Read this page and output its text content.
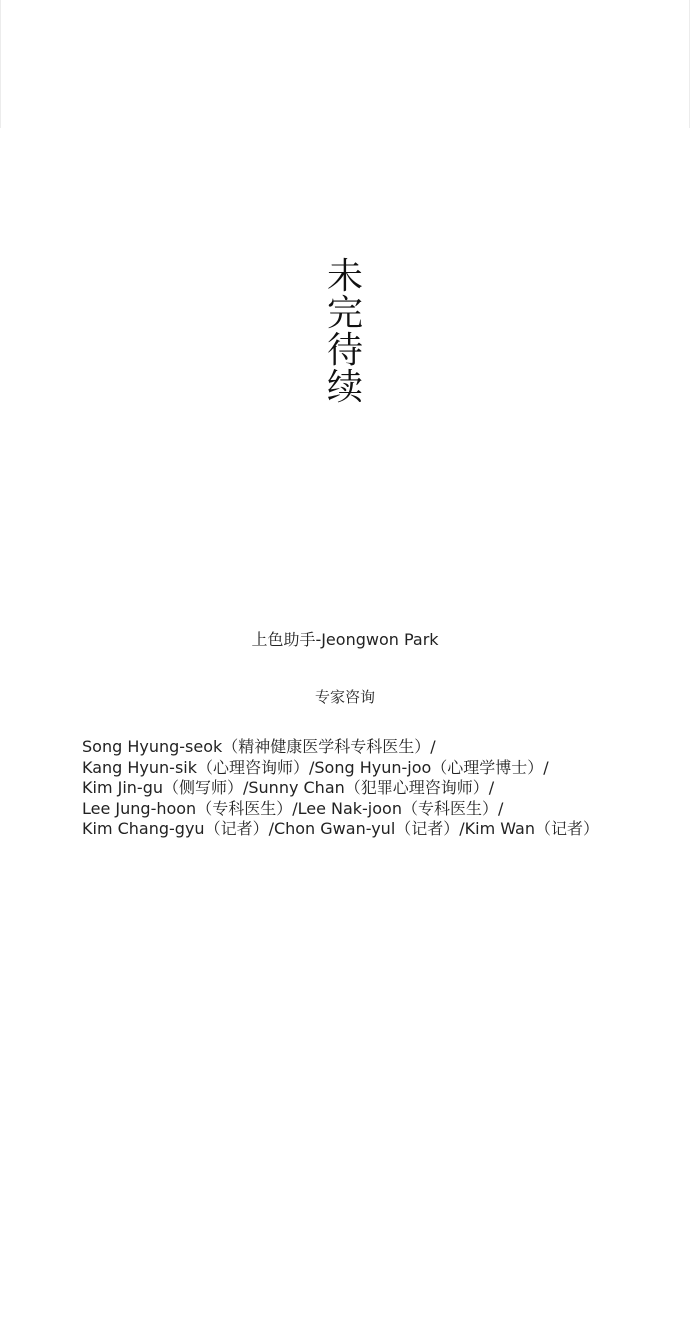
未
完
待
续
上色助手-Jeongwon Park
专家咨询
Song Hyung-seok（精神健康医学科专科医生）/
Kang Hyun-sik（心理咨询师）/Song Hyun-joo（心理学博士）/
Kim Jin-gu（侧写师）/Sunny Chan（犯罪心理咨询师）/
Lee Jung-hoon（专科医生）/Lee Nak-joon（专科医生）/
Kim Chang-gyu（记者）/Chon Gwan-yul（记者）/Kim Wan（记者）
